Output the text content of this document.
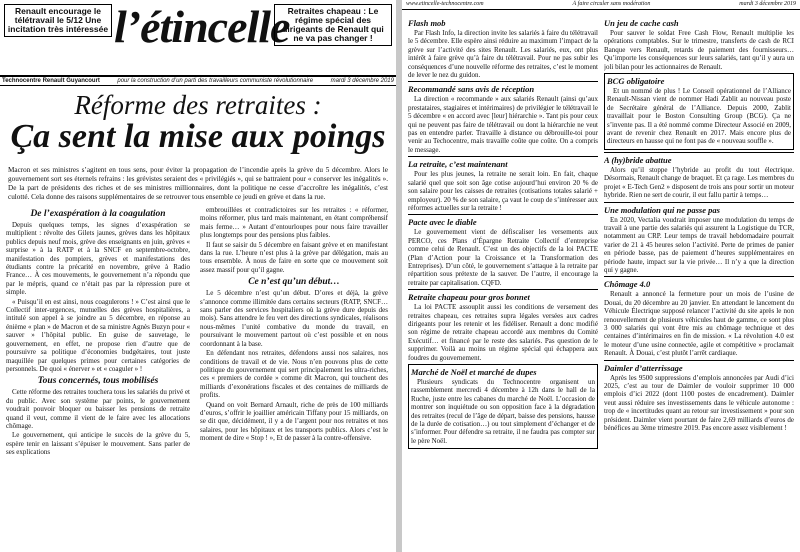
Renault encourage le télétravail le 5/12 Une incitation très intéressée l’étincelle
Retraites chapeau : Le régime spécial des dirigeants de Renault qui ne va pas changer !
Technocentre Renault Guyancourt	pour la construction d’un parti des travailleurs communiste révolutionnaire	mardi 3 décembre 2019
Réforme des retraites :
Ça sent la mise aux poings
Macron et ses ministres s’agitent en tous sens, pour éviter la propagation de l’incendie après la grève du 5 décembre. Alors le gouvernement sort ses éternels refrains : les grévistes seraient des « privilégiés », qui se battraient pour « conserver les inégalités ». De la part de présidents des riches et de ses ministres millionnaires, dont la politique ne cesse d’accroître les inégalités, c’est culotté. Cela donne des raisons supplémentaires de se retrouver tous ensemble ce jeudi en grève et dans la rue.
De l’exaspération à la coagulation

Depuis quelques temps, les signes d’exaspération se multiplient : révolte des Gilets jaunes, grèves dans les hôpitaux publics depuis neuf mois, grève des enseignants en juin, grèves « surprise » à la RATP et à la SNCF en septembre-octobre, manifestation des pompiers, grèves et manifestations des étudiants contre la précarité en novembre, grève à Radio France… À ces mouvements, le gouvernement n’a répondu que par le mépris, quand ce n’était pas par la répression pure et simple.

« Puisqu’il en est ainsi, nous coagulerons ! » C’est ainsi que le Collectif inter-urgences, mutuelles des grèves hospitalières, a intitulé son appel à se joindre au 5 décembre, en réponse au énième « plan » de Macron et de sa ministre Agnès Buzyn pour « sauver » l’hôpital public. En guise de sauvetage, le gouvernement, en effet, ne propose rien d’autre que de poursuivre sa politique d’économies budgétaires, tout juste maquillée par quelques primes pour certaines catégories de personnels. De quoi « énerver » et « coaguler » !

Tous concernés, tous mobilisés

Cette réforme des retraites touchera tous les salariés du privé et du public. Avec son système par points, le gouvernement voudrait pouvoir bloquer ou baisser les pensions de retraite quand il veut, comme il vient de le faire avec les allocations chômage.

Le gouvernement, qui anticipe le succès de la grève du 5, espère tenir en laissant s’épuiser le mouvement. Sans parler de ses explications

embrouillées et contradictoires sur les retraites : « réformer, moins réformer, plus tard mais maintenant, en étant compréhensif mais ferme… » Autant d’entourloupes pour nous faire travailler plus longtemps pour des pensions plus faibles.

Il faut se saisir du 5 décembre en faisant grève et en manifestant dans la rue. L’heure n’est plus à la grève par délégation, mais au tous ensemble. À nous de faire en sorte que ce mouvement soit assez massif pour qu’il gagne.

Ce n’est qu’un début…

Le 5 décembre n’est qu’un début. D’ores et déjà, la grève s’annonce comme illimitée dans certains secteurs (RATP, SNCF… sans parler des services hospitaliers où la grève dure depuis des mois). Sans attendre le feu vert des directions syndicales, réalisons nous-mêmes l’unité combative du monde du travail, en poursuivant le mouvement partout où c’est possible et en nous coordonnant à la base.

En défendant nos retraites, défendons aussi nos salaires, nos conditions de travail et de vie. Nous n’en pouvons plus de cette politique du gouvernement qui sert principalement les ultra-riches, ces « premiers de cordée » comme dit Macron, qui touchent des milliards d’exonérations fiscales et des centaines de milliards de profits.

Quand on voit Bernard Arnault, riche de près de 100 milliards d’euros, s’offrir le joaillier américain Tiffany pour 15 milliards, on se dit que, décidément, il y a de l’argent pour nos retraites et nos salaires, pour les hôpitaux et les transports publics. Alors c’est le moment de dire « Stop ! », Et de passer à la contre-offensive.

www.etincelle-technocentre.com	À faire circuler sans modération	mardi 3 décembre 2019
Flash mob

Par Flash Info, la direction invite les salariés à faire du télétravail le 5 décembre. Elle espère ainsi réduire au maximum l’impact de la grève sur l’activité des sites Renault. Les salariés, eux, ont plus intérêt à faire grève qu’à faire du télétravail. Pour ne pas subir les conséquences d’une nouvelle réforme des retraites, c’est le moment de lever le nez du guidon.

Recommandé sans avis de réception

La direction « recommande » aux salariés Renault (ainsi qu’aux prestataires, stagiaires et intérimaires) de privilégier le télétravail le 5 décembre « en accord avec [leur] hiérarchie ». Tant pis pour ceux qui ne peuvent pas faire de télétravail ou dont la hiérarchie ne veut pas en entendre parler. Travaille à distance ou débrouille-toi pour venir au Techocentre, mais travaille coûte que coûte. On a compris le message.

La retraite, c’est maintenant

Pour les plus jeunes, la retraite ne serait loin. En fait, chaque salarié quel que soit son âge cotise aujourd’hui environ 20 % de son salaire pour les caisses de retraites (cotisations totales salarié + employeur). 20 % de son salaire, ça vaut le coup de s’intéresser aux réformes actuelles sur la retraite !

Pacte avec le diable

Le gouvernement vient de défiscaliser les versements aux PERCO, ces Plans d’Épargne Retraite Collectif d’entreprise comme celui de Renault. C’est un des objectifs de la loi PACTE (Plan d’Action pour la Croissance et la Transformation des Entreprises). D’un côté, le gouvernement s’attaque à la retraite par répartition sous prétexte de la sauver. De l’autre, il encourage la retraite par capitalisation. CQFD.

Retraite chapeau pour gros bonnet

La loi PACTE assouplit aussi les conditions de versement des retraites chapeau, ces retraites supra légales versées aux cadres dirigeants pour les retenir et les fidéliser. Renault a donc modifié son régime de retraite chapeau accordé aux membres du Comité Exécutif… et financé par le reste des salariés. Pas question de le supprimer. Voilà au moins un régime spécial qui échappera aux foudres du gouvernement.

Marché de Noël et marché de dupes

Plusieurs syndicats du Technocentre organisent un rassemblement mercredi 4 décembre à 12h dans le hall de la Ruche, juste entre les cabanes du marché de Noël. L’occasion de montrer son inquiétude ou son opposition face à la dégradation des retraites (recul de l’âge de départ, baisse des pensions, hausse de la durée de cotisation…) ou tout simplement d’échanger et de s’informer. Pour défendre sa retraite, il ne faudra pas compter sur le père Noël.

Un jeu de cache cash

Pour sauver le soldat Free Cash Flow, Renault multiplie les opérations comptables. Sur le trimestre, transferts de cash de RCI Banque vers Renault, retards de paiement des fournisseurs… Qu’importe les conséquences sur leurs salariés, tant qu’il y aura un joli bilan pour les actionnaires de Renault.

BCG obligatoire

Et un nommé de plus ! Le Conseil opérationnel de l’Alliance Renault-Nissan vient de nommer Hadi Zablit au nouveau poste de Secrétaire général de l’Alliance. Depuis 2000, Zablit travaillait pour le Boston Consulting Group (BCG). Ça ne s’invente pas. Il a été nommé comme Directeur Associé en 2009, avant de revenir chez Renault en 2017. Mais encore plus de directeurs en hausse qui ne font pas de « nouveau souffle ».

A (hy)bride abattue

Alors qu’il stoppe l’hybride au profit du tout électrique. Désormais, Renault change de braquet. Et ça rage. Les membres du projet « E-Tech Gen2 » disposent de trois ans pour sortir un moteur hybride. Rien ne sert de courir, il eut fallu partir à temps…

Une modulation qui ne passe pas

En 2020, Vectalia voudrait imposer une modulation du temps de travail à une partie des salariés qui assurent la Logistique du TCR, notamment au CRP. Leur temps de travail hebdomadaire pourrait varier de 21 à 45 heures selon l’activité. Perte de primes de panier en période basse, pas de paiement d’heures supplémentaires en période haute, impact sur la vie privée… Il n’y a que la direction qui y gagne.

Chômage 4.0

Renault a annoncé la fermeture pour un mois de l’usine de Douai, du 20 décembre au 20 janvier. En attendant le lancement du Véhicule Électrique supposé relancer l’activité du site après le non renouvellement de plusieurs véhicules haut de gamme, ce sont plus 3 000 salariés qui vont être mis au chômage technique et des centaines d’intérimaires en fin de mission. « La révolution 4.0 est le moteur d’une usine connectée, agile et compétitive » proclamait Renault. À Douai, c’est plutôt l’arrêt cardiaque.

Daimler d’atterrissage

Après les 9500 suppressions d’emplois annoncées par Audi d’ici 2025, c’est au tour de Daimler de vouloir supprimer 10 000 emplois d’ici 2022 (dont 1100 postes de encadrement). Daimler veut aussi réduire ses investissements dans le véhicule autonome : trop de « incertitudes quant au retour sur investissement » pour son président. Daimler vient pourtant de faire 2,69 milliards d’euros de bénéfices au 3ème trimestre 2019. Pas encore assez visiblement !
